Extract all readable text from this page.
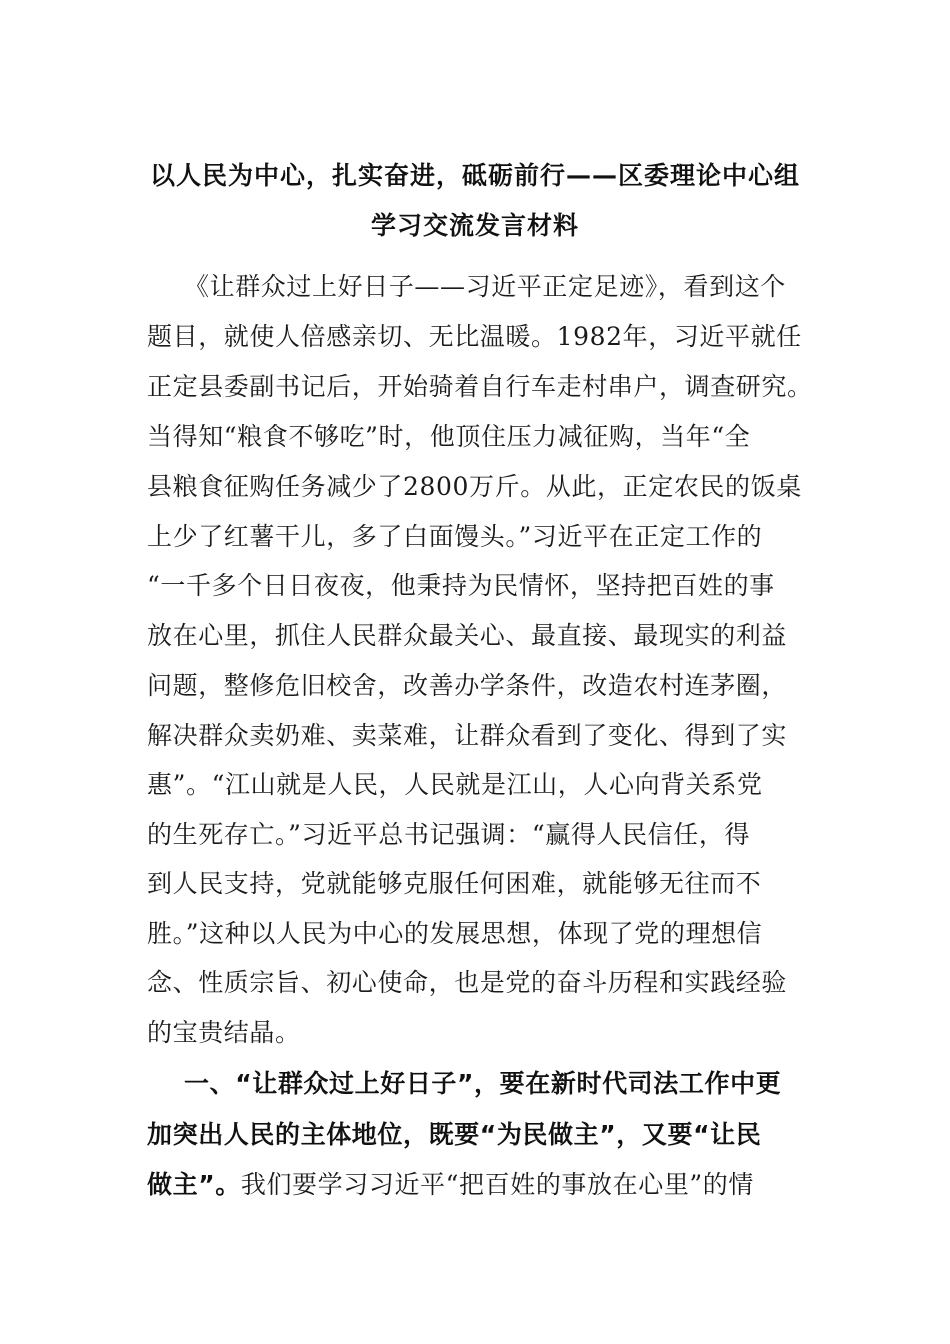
以人民为中心，扎实奋进，砥砺前行——区委理论中心组
学习交流发言材料
《让群众过上好日子——习近平正定足迹》，看到这个
题目，就使人倍感亲切、无比温暖。1982年，习近平就任
正定县委副书记后，开始骑着自行车走村串户，调查研究。
当得知“粮食不够吃”时，他顶住压力减征购，当年“全
县粮食征购任务减少了2800万斤。从此，正定农民的饭桌
上少了红薯干儿，多了白面馒头。”习近平在正定工作的
“一千多个日日夜夜，他秉持为民情怀，坚持把百姓的事
放在心里，抓住人民群众最关心、最直接、最现实的利益
问题，整修危旧校舍，改善办学条件，改造农村连茅圈，
解决群众卖奶难、卖菜难，让群众看到了变化、得到了实
惠”。“江山就是人民，人民就是江山，人心向背关系党
的生死存亡。”习近平总书记强调：“赢得人民信任，得
到人民支持，党就能够克服任何困难，就能够无往而不
胜。”这种以人民为中心的发展思想，体现了党的理想信
念、性质宗旨、初心使命，也是党的奋斗历程和实践经验
的宝贵结晶。
一、“让群众过上好日子”，要在新时代司法工作中更
加突出人民的主体地位，既要“为民做主”，又要“让民
做主”。我们要学习习近平“把百姓的事放在心里”的情
